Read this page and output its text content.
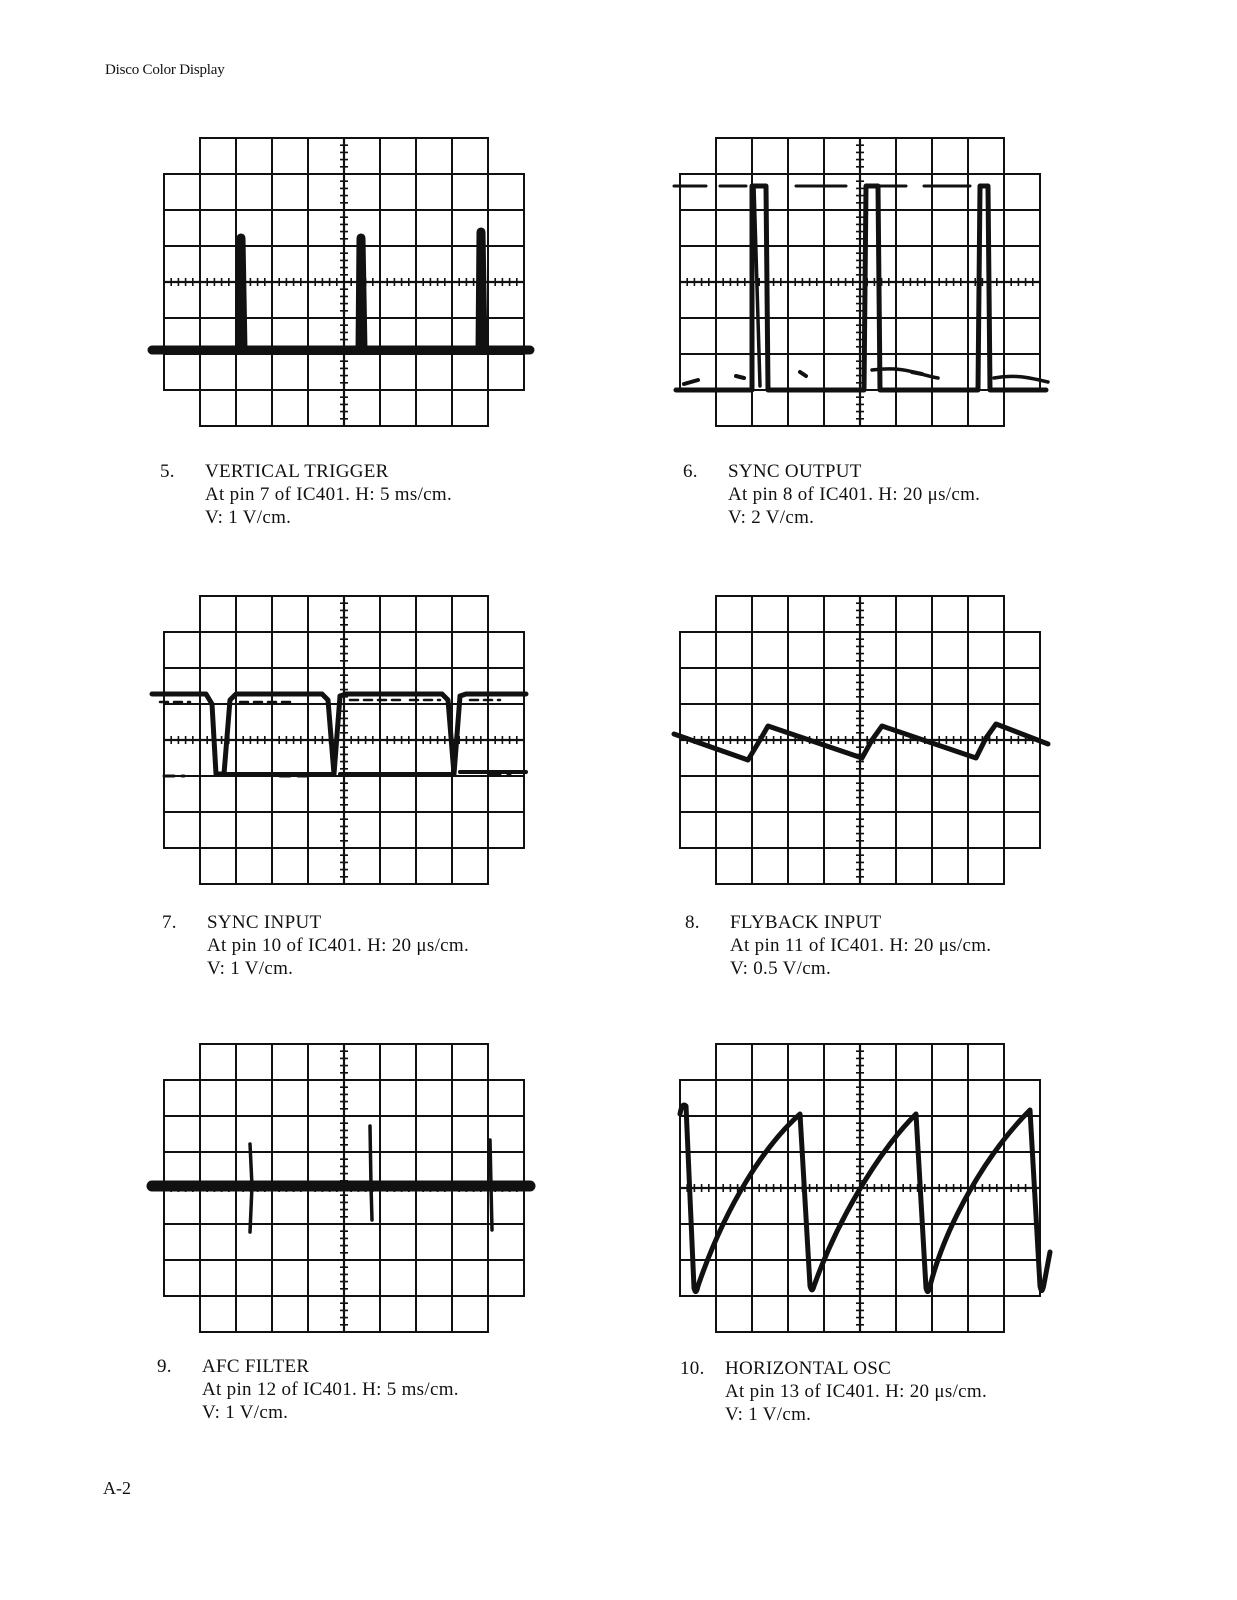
Disco Color Display
5. VERTICAL TRIGGER
At pin 7 of IC401. H: 5 ms/cm.
V: 1 V/cm.
6. SYNC OUTPUT
At pin 8 of IC401. H: 20 μs/cm.
V: 2 V/cm.
7. SYNC INPUT
At pin 10 of IC401. H: 20 μs/cm.
V: 1 V/cm.
8. FLYBACK INPUT
At pin 11 of IC401. H: 20 μs/cm.
V: 0.5 V/cm.
9. AFC FILTER
At pin 12 of IC401. H: 5 ms/cm.
V: 1 V/cm.
10. HORIZONTAL OSC
At pin 13 of IC401. H: 20 μs/cm.
V: 1 V/cm.
A-2
